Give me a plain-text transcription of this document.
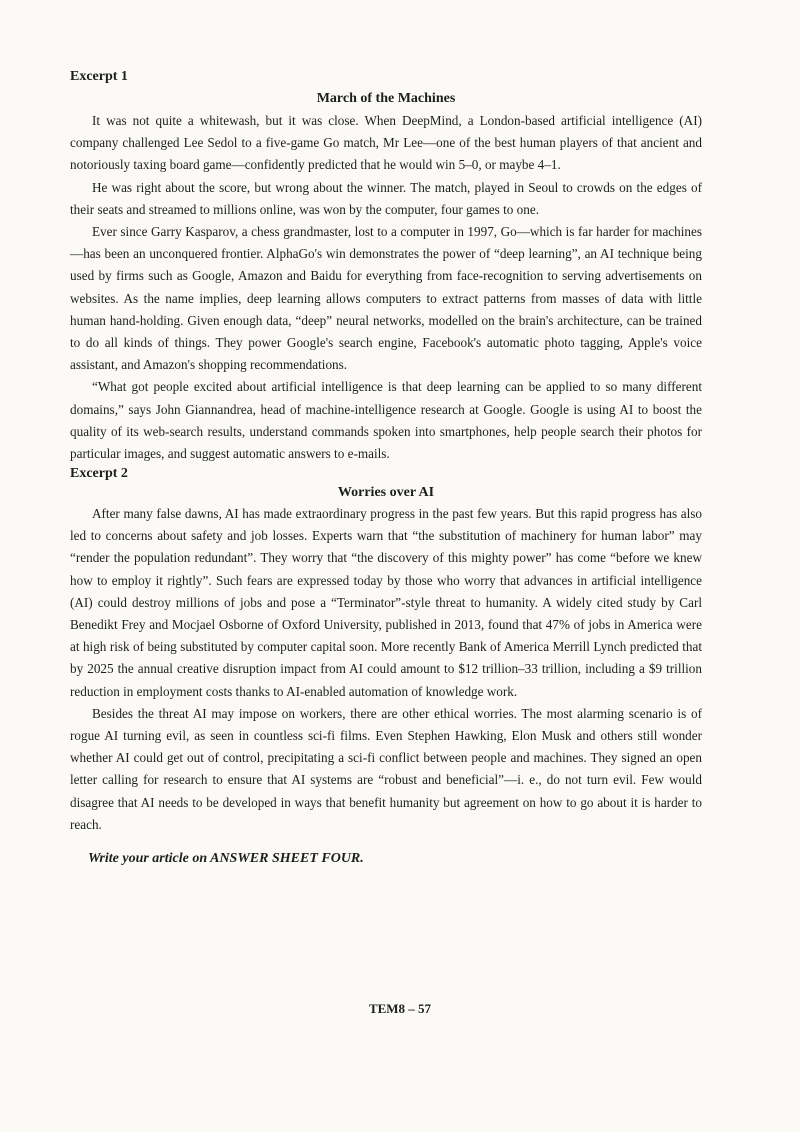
Excerpt 1
March of the Machines

It was not quite a whitewash, but it was close. When DeepMind, a London-based artificial intelligence (AI) company challenged Lee Sedol to a five-game Go match, Mr Lee—one of the best human players of that ancient and notoriously taxing board game—confidently predicted that he would win 5–0, or maybe 4–1.

He was right about the score, but wrong about the winner. The match, played in Seoul to crowds on the edges of their seats and streamed to millions online, was won by the computer, four games to one.

Ever since Garry Kasparov, a chess grandmaster, lost to a computer in 1997, Go—which is far harder for machines—has been an unconquered frontier. AlphaGo's win demonstrates the power of “deep learning”, an AI technique being used by firms such as Google, Amazon and Baidu for everything from face-recognition to serving advertisements on websites. As the name implies, deep learning allows computers to extract patterns from masses of data with little human hand-holding. Given enough data, “deep” neural networks, modelled on the brain's architecture, can be trained to do all kinds of things. They power Google's search engine, Facebook's automatic photo tagging, Apple's voice assistant, and Amazon's shopping recommendations.

“What got people excited about artificial intelligence is that deep learning can be applied to so many different domains,” says John Giannandrea, head of machine-intelligence research at Google. Google is using AI to boost the quality of its web-search results, understand commands spoken into smartphones, help people search their photos for particular images, and suggest automatic answers to e-mails.

Excerpt 2
Worries over AI

After many false dawns, AI has made extraordinary progress in the past few years. But this rapid progress has also led to concerns about safety and job losses. Experts warn that “the substitution of machinery for human labor” may “render the population redundant”. They worry that “the discovery of this mighty power” has come “before we knew how to employ it rightly”. Such fears are expressed today by those who worry that advances in artificial intelligence (AI) could destroy millions of jobs and pose a “Terminator”-style threat to humanity. A widely cited study by Carl Benedikt Frey and Mocjael Osborne of Oxford University, published in 2013, found that 47% of jobs in America were at high risk of being substituted by computer capital soon. More recently Bank of America Merrill Lynch predicted that by 2025 the annual creative disruption impact from AI could amount to $12 trillion–33 trillion, including a $9 trillion reduction in employment costs thanks to AI-enabled automation of knowledge work.

Besides the threat AI may impose on workers, there are other ethical worries. The most alarming scenario is of rogue AI turning evil, as seen in countless sci-fi films. Even Stephen Hawking, Elon Musk and others still wonder whether AI could get out of control, precipitating a sci-fi conflict between people and machines. They signed an open letter calling for research to ensure that AI systems are “robust and beneficial”—i. e., do not turn evil. Few would disagree that AI needs to be developed in ways that benefit humanity but agreement on how to go about it is harder to reach.

Write your article on ANSWER SHEET FOUR.
TEM8 – 57
